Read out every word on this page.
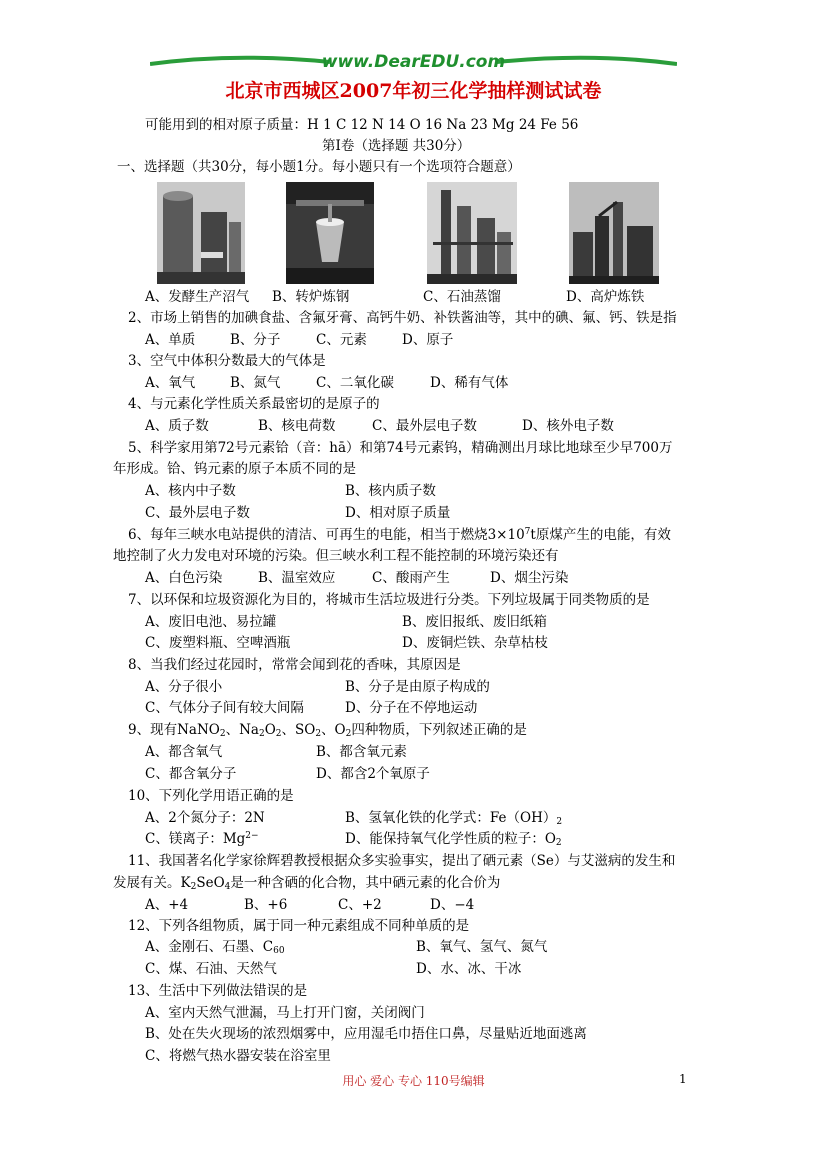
www.DearEDU.com
北京市西城区2007年初三化学抽样测试试卷
可能用到的相对原子质量：H 1 C 12 N 14 O 16 Na 23 Mg 24 Fe 56
第Ⅰ卷（选择题 共30分）
一、选择题（共30分，每小题1分。每小题只有一个选项符合题意）
A、发酵生产沼气 B、转炉炼钢	C、石油蒸馏	D、高炉炼铁
2、市场上销售的加碘食盐、含氟牙膏、高钙牛奶、补铁酱油等，其中的碘、氟、钙、铁是指
A、单质	B、分子	C、元素	D、原子
3、空气中体积分数最大的气体是
A、氧气	B、氮气	C、二氧化碳	D、稀有气体
4、与元素化学性质关系最密切的是原子的
A、质子数	B、核电荷数	C、最外层电子数	D、核外电子数
5、科学家用第72号元素铪（音：hā）和第74号元素钨，精确测出月球比地球至少早700万
年形成。铪、钨元素的原子本质不同的是
A、核内中子数	B、核内质子数
C、最外层电子数	D、相对原子质量
6、每年三峡水电站提供的清洁、可再生的电能，相当于燃烧$3\times 10^7t$原煤产生的电能，有效
地控制了火力发电对环境的污染。但三峡水利工程不能控制的环境污染还有
A、白色污染	B、温室效应	C、酸雨产生	D、烟尘污染
7、以环保和垃圾资源化为目的，将城市生活垃圾进行分类。下列垃圾属于同类物质的是
A、废旧电池、易拉罐	B、废旧报纸、废旧纸箱
C、废塑料瓶、空啤酒瓶	D、废铜烂铁、杂草枯枝
8、当我们经过花园时，常常会闻到花的香味，其原因是
A、分子很小	B、分子是由原子构成的
C、气体分子间有较大间隔	D、分子在不停地运动
9、现有NaNO$_2$、$Na_2O_2$、$SO_2$、$O_2$四种物质，下列叙述正确的是
A、都含氧气	B、都含氧元素
C、都含氧分子	D、都含2个氧原子
10、下列化学用语正确的是
A、2个氮分子：2N	B、氢氧化铁的化学式：$Fe(OH)_2$
C、镁离子：$Mg^{2-}$	D、能保持氧气化学性质的粒子：$O_2$
11、我国著名化学家徐辉碧教授根据众多实验事实，提出了硒元素（Se）与艾滋病的发生和
发展有关。$K_2SeO_4$是一种含硒的化合物，其中硒元素的化合价为
A、+4	B、+6	C、+2	D、−4
12、下列各组物质，属于同一种元素组成不同种单质的是
A、金刚石、石墨、$C_{60}$	B、氧气、氢气、氮气
C、煤、石油、天然气	D、水、冰、干冰
13、生活中下列做法错误的是
A、室内天然气泄漏，马上打开门窗，关闭阀门
B、处在失火现场的浓烈烟雾中，应用湿毛巾捂住口鼻，尽量贴近地面逃离
C、将燃气热水器安装在浴室里
用心 爱心 专心 110号编辑	1
